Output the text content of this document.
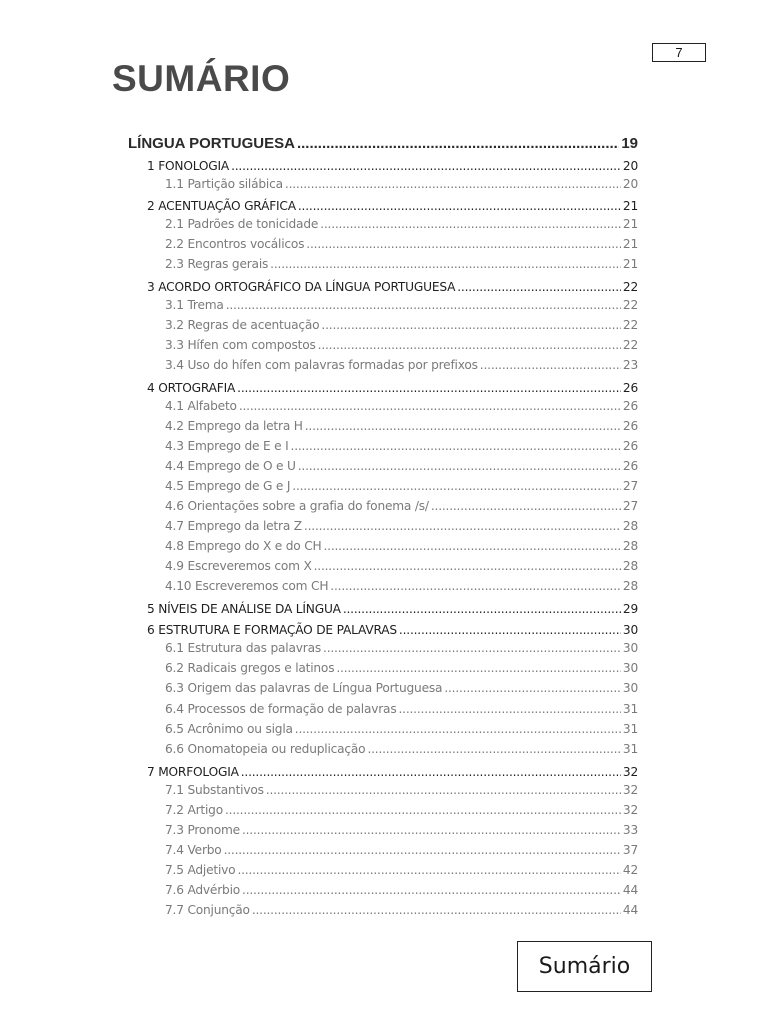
7
SUMÁRIO
LÍNGUA PORTUGUESA .....	19
1 FONOLOGIA .....	20
1.1 Partição silábica .....	20
2 ACENTUAÇÃO GRÁFICA .....	21
2.1 Padrões de tonicidade .....	21
2.2 Encontros vocálicos .....	21
2.3 Regras gerais .....	21
3 ACORDO ORTOGRÁFICO DA LÍNGUA PORTUGUESA .....	22
3.1 Trema .....	22
3.2 Regras de acentuação .....	22
3.3 Hífen com compostos .....	22
3.4 Uso do hífen com palavras formadas por prefixos .....	23
4 ORTOGRAFIA .....	26
4.1 Alfabeto .....	26
4.2 Emprego da letra H .....	26
4.3 Emprego de E e I .....	26
4.4 Emprego de O e U .....	26
4.5 Emprego de G e J .....	27
4.6 Orientações sobre a grafia do fonema /s/ .....	27
4.7 Emprego da letra Z .....	28
4.8 Emprego do X e do CH .....	28
4.9 Escreveremos com X .....	28
4.10 Escreveremos com CH .....	28
5 NÍVEIS DE ANÁLISE DA LÍNGUA .....	29
6 ESTRUTURA E FORMAÇÃO DE PALAVRAS .....	30
6.1 Estrutura das palavras .....	30
6.2 Radicais gregos e latinos .....	30
6.3 Origem das palavras de Língua Portuguesa .....	30
6.4 Processos de formação de palavras .....	31
6.5 Acrônimo ou sigla .....	31
6.6 Onomatopeia ou reduplicação .....	31
7 MORFOLOGIA .....	32
7.1 Substantivos .....	32
7.2 Artigo .....	32
7.3 Pronome .....	33
7.4 Verbo .....	37
7.5 Adjetivo .....	42
7.6 Advérbio .....	44
7.7 Conjunção .....	44
Sumário
